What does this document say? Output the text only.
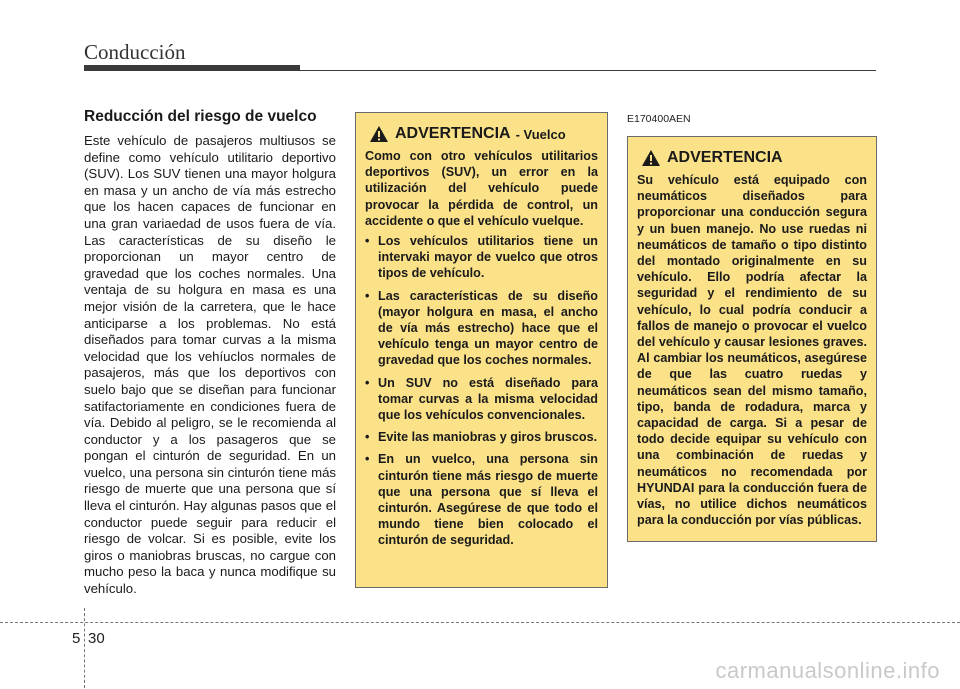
Conducción
Reducción del riesgo de vuelco

Este vehículo de pasajeros multiusos se define como vehículo utilitario deportivo (SUV). Los SUV tienen una mayor holgura en masa y un ancho de vía más estrecho que los hacen capaces de funcionar en una gran variaedad de usos fuera de vía. Las características de su diseño le proporcionan un mayor centro de gravedad que los coches normales. Una ventaja de su holgura en masa es una mejor visión de la carretera, que le hace anticiparse a los problemas. No está diseñados para tomar curvas a la misma velocidad que los vehíuclos normales de pasajeros, más que los deportivos con suelo bajo que se diseñan para funcionar satifactoriamente en condiciones fuera de vía. Debido al peligro, se le recomienda al conductor y a los pasageros que se pongan el cinturón de seguridad. En un vuelco, una persona sin cinturón tiene más riesgo de muerte que una persona que sí lleva el cinturón. Hay algunas pasos que el conductor puede seguir para reducir el riesgo de volcar. Si es posible, evite los giros o maniobras bruscas, no cargue con mucho peso la baca y nunca modifique su vehículo.

ADVERTENCIA - Vuelco

Como con otro vehículos utilitarios deportivos (SUV), un error en la utilización del vehículo puede provocar la pérdida de control, un accidente o que el vehículo vuelque.

• Los vehículos utilitarios tiene un intervaki mayor de vuelco que otros tipos de vehículo.
• Las características de su diseño (mayor holgura en masa, el ancho de vía más estrecho) hace que el vehículo tenga un mayor centro de gravedad que los coches normales.
• Un SUV no está diseñado para tomar curvas a la misma velocidad que los vehículos convencionales.
• Evite las maniobras y giros bruscos.
• En un vuelco, una persona sin cinturón tiene más riesgo de muerte que una persona que sí lleva el cinturón. Asegúrese de que todo el mundo tiene bien colocado el cinturón de seguridad.
E170400AEN
ADVERTENCIA

Su vehículo está equipado con neumáticos diseñados para proporcionar una conducción segura y un buen manejo. No use ruedas ni neumáticos de tamaño o tipo distinto del montado originalmente en su vehículo. Ello podría afectar la seguridad y el rendimiento de su vehículo, lo cual podría conducir a fallos de manejo o provocar el vuelco del vehículo y causar lesiones graves. Al cambiar los neumáticos, asegúrese de que las cuatro ruedas y neumáticos sean del mismo tamaño, tipo, banda de rodadura, marca y capacidad de carga. Si a pesar de todo decide equipar su vehículo con una combinación de ruedas y neumáticos no recomendada por HYUNDAI para la conducción fuera de vías, no utilice dichos neumáticos para la conducción por vías públicas.

5 30
carmanualsonline.info
